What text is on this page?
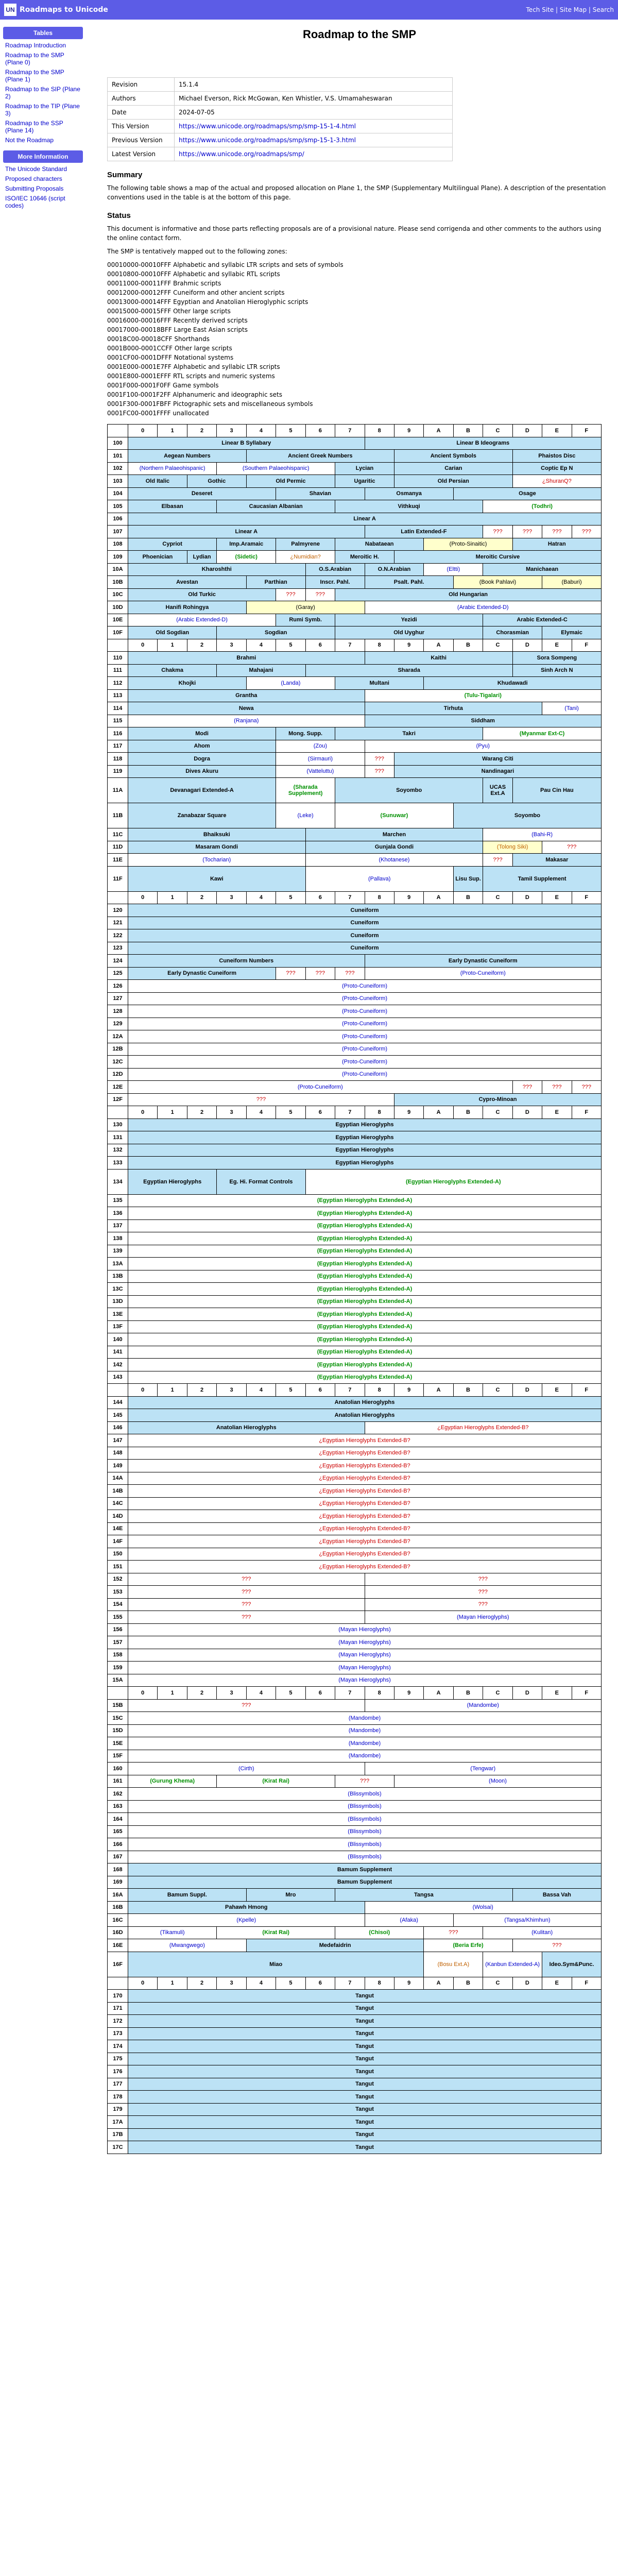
UN Roadmaps to Unicode	Tech Site | Site Map | Search
Tables
Roadmap Introduction
Roadmap to the SMP (Plane 0)
Roadmap to the SMP (Plane 1)
Roadmap to the SIP (Plane 2)
Roadmap to the TIP (Plane 3)
Roadmap to the SSP (Plane 14)
Not the Roadmap
More Information
The Unicode Standard
Proposed characters
Submitting Proposals
ISO/IEC 10646 (script codes)
Roadmap to the SMP
Revision	15.1.4
Authors	Michael Everson, Rick McGowan, Ken Whistler, V.S. Umamaheswaran
Date	2024-07-05
This Version	https://www.unicode.org/roadmaps/smp/smp-15-1-4.html
Previous Version	https://www.unicode.org/roadmaps/smp/smp-15-1-3.html
Latest Version	https://www.unicode.org/roadmaps/smp/
Summary

The following table shows a map of the actual and proposed allocation on Plane 1, the SMP (Supplementary Multilingual Plane). A description of the presentation conventions used in the table is at the bottom of this page.

Status

This document is informative and those parts reflecting proposals are of a provisional nature. Please send corrigenda and other comments to the authors using the online contact form.

The SMP is tentatively mapped out to the following zones:

00010000-00010FFF Alphabetic and syllabic LTR scripts and sets of symbols
00010800-00010FFF Alphabetic and syllabic RTL scripts
00011000-00011FFF Brahmic scripts
00012000-00012FFF Cuneiform and other ancient scripts
00013000-00014FFF Egyptian and Anatolian Hieroglyphic scripts
00015000-00015FFF Other large scripts
00016000-00016FFF Recently derived scripts
00017000-00018BFF Large East Asian scripts
00018C00-00018CFF Shorthands
0001B000-0001CCFF Other large scripts
0001CF00-0001DFFF Notational systems
0001E000-0001E7FF Alphabetic and syllabic LTR scripts
0001E800-0001EFFF RTL scripts and numeric systems
0001F000-0001F0FF Game symbols
0001F100-0001F2FF Alphanumeric and ideographic sets
0001F300-0001FBFF Pictographic sets and miscellaneous symbols
0001FC00-0001FFFF unallocated
0	1	2	3	4	5	6	7	8	9	A	B	C	D	E	F
100	Linear B Syllabary	Linear B Ideograms
101	Aegean Numbers	Ancient Greek Numbers	Ancient Symbols	Phaistos Disc
102	(Northern Palaeohispanic)	(Southern Palaeohispanic)	Lycian	Carian	Coptic Ep N
103	Old Italic	Gothic	Old Permic	Ugaritic	Old Persian	¿ShuranQ?
104	Deseret	Shavian	Osmanya	Osage
105	Elbasan	Caucasian Albanian	Vithkuqi	(Todhri)
106	Linear A
107	Linear A	Latin Extended-F	???	???	???	???
108	Cypriot	Imp.Aramaic	Palmyrene	Nabataean	(Proto-Sinaitic)	Hatran
109	Phoenician	Lydian	(Sidetic)	¿Numidian?	Meroitic H.	Meroitic Cursive
10A	Kharoshthi	O.S.Arabian	O.N.Arabian	(Eltti)	Manichaean
10B	Avestan	Parthian	Inscr. Pahl.	Psalt. Pahl.	(Book Pahlavi)	(Baburi)
10C	Old Turkic	???	???	Old Hungarian
10D	Hanifi Rohingya	(Garay)	(Arabic Extended-D)
10E	(Arabic Extended-D)	Rumi Symb.	Yezidi	Arabic Extended-C
10F	Old Sogdian	Sogdian	Old Uyghur	Chorasmian	Elymaic
0	1	2	3	4	5	6	7	8	9	A	B	C	D	E	F
110	Brahmi	Kaithi	Sora Sompeng
111	Chakma	Mahajani	Sharada	Sinh Arch N
112	Khojki	(Landa)	Multani	Khudawadi
113	Grantha	(Tulu-Tigalari)
114	Newa	Tirhuta	(Tani)
115	(Ranjana)	Siddham
116	Modi	Mong. Supp.	Takri	(Myanmar Ext-C)
117	Ahom	(Zou)	(Pyu)
118	Dogra	(Sirmauri)	???	Warang Citi
119	Dives Akuru	(Vatteluttu)	???	Nandinagari
11A	Devanagari Extended-A	(Sharada Supplement)	Soyombo	UCAS Ext.A	Pau Cin Hau
11B	Zanabazar Square	(Leke)	(Sunuwar)	Soyombo
11C	Bhaiksuki	Marchen	(Bahi-R)
11D	Masaram Gondi	Gunjala Gondi	(Tolong Siki)	???
11E	(Tocharian)	(Khotanese)	???	Makasar
11F	Kawi	(Pallava)	Lisu Sup.	Tamil Supplement
0	1	2	3	4	5	6	7	8	9	A	B	C	D	E	F
120	Cuneiform
121	Cuneiform
122	Cuneiform
123	Cuneiform
124	Cuneiform Numbers	Early Dynastic Cuneiform
125	Early Dynastic Cuneiform	???	???	???	(Proto-Cuneiform)
126	(Proto-Cuneiform)
127	(Proto-Cuneiform)
128	(Proto-Cuneiform)
129	(Proto-Cuneiform)
12A	(Proto-Cuneiform)
12B	(Proto-Cuneiform)
12C	(Proto-Cuneiform)
12D	(Proto-Cuneiform)
12E	(Proto-Cuneiform)	???	???	???
12F	???	Cypro-Minoan
0	1	2	3	4	5	6	7	8	9	A	B	C	D	E	F
130	Egyptian Hieroglyphs
131	Egyptian Hieroglyphs
132	Egyptian Hieroglyphs
133	Egyptian Hieroglyphs
134	Egyptian Hieroglyphs	Eg. Hi. Format Controls	(Egyptian Hieroglyphs Extended-A)
135	(Egyptian Hieroglyphs Extended-A)
136	(Egyptian Hieroglyphs Extended-A)
137	(Egyptian Hieroglyphs Extended-A)
138	(Egyptian Hieroglyphs Extended-A)
139	(Egyptian Hieroglyphs Extended-A)
13A	(Egyptian Hieroglyphs Extended-A)
13B	(Egyptian Hieroglyphs Extended-A)
13C	(Egyptian Hieroglyphs Extended-A)
13D	(Egyptian Hieroglyphs Extended-A)
13E	(Egyptian Hieroglyphs Extended-A)
13F	(Egyptian Hieroglyphs Extended-A)
140	(Egyptian Hieroglyphs Extended-A)
141	(Egyptian Hieroglyphs Extended-A)
142	(Egyptian Hieroglyphs Extended-A)
143	(Egyptian Hieroglyphs Extended-A)
0	1	2	3	4	5	6	7	8	9	A	B	C	D	E	F
144	Anatolian Hieroglyphs
145	Anatolian Hieroglyphs
146	Anatolian Hieroglyphs	¿Egyptian Hieroglyphs Extended-B?
147	¿Egyptian Hieroglyphs Extended-B?
148	¿Egyptian Hieroglyphs Extended-B?
149	¿Egyptian Hieroglyphs Extended-B?
14A	¿Egyptian Hieroglyphs Extended-B?
14B	¿Egyptian Hieroglyphs Extended-B?
14C	¿Egyptian Hieroglyphs Extended-B?
14D	¿Egyptian Hieroglyphs Extended-B?
14E	¿Egyptian Hieroglyphs Extended-B?
14F	¿Egyptian Hieroglyphs Extended-B?
150	¿Egyptian Hieroglyphs Extended-B?
151	¿Egyptian Hieroglyphs Extended-B?
152	???	???
153	???	???
154	???	???
155	???	(Mayan Hieroglyphs)
156	(Mayan Hieroglyphs)
157	(Mayan Hieroglyphs)
158	(Mayan Hieroglyphs)
159	(Mayan Hieroglyphs)
15A	(Mayan Hieroglyphs)
0	1	2	3	4	5	6	7	8	9	A	B	C	D	E	F
15B	???	(Mandombe)
15C	(Mandombe)
15D	(Mandombe)
15E	(Mandombe)
15F	(Mandombe)
160	(Cirth)	(Tengwar)
161	(Gurung Khema)	(Kirat Rai)	???	(Moon)
162	(Blissymbols)
163	(Blissymbols)
164	(Blissymbols)
165	(Blissymbols)
166	(Blissymbols)
167	(Blissymbols)
168	Bamum Supplement
169	Bamum Supplement
16A	Bamum Suppl.	Mro	Tangsa	Bassa Vah
16B	Pahawh Hmong	(Wolsai)
16C	(Kpelle)	(Afaka)	(Tangsa/Khimhun)
16D	(Tikamuli)	(Kirat Rai)	(Chisoi)	???	(Kulitan)
16E	(Mwangwego)	Medefaidrin	(Beria Erfe)	???
16F	Miao	(Bosu Ext.A)	(Kanbun Extended-A)	Ideo.Sym&Punc.
0	1	2	3	4	5	6	7	8	9	A	B	C	D	E	F
170	Tangut
171	Tangut
172	Tangut
173	Tangut
174	Tangut
175	Tangut
176	Tangut
177	Tangut
178	Tangut
179	Tangut
17A	Tangut
17B	Tangut
17C	Tangut
